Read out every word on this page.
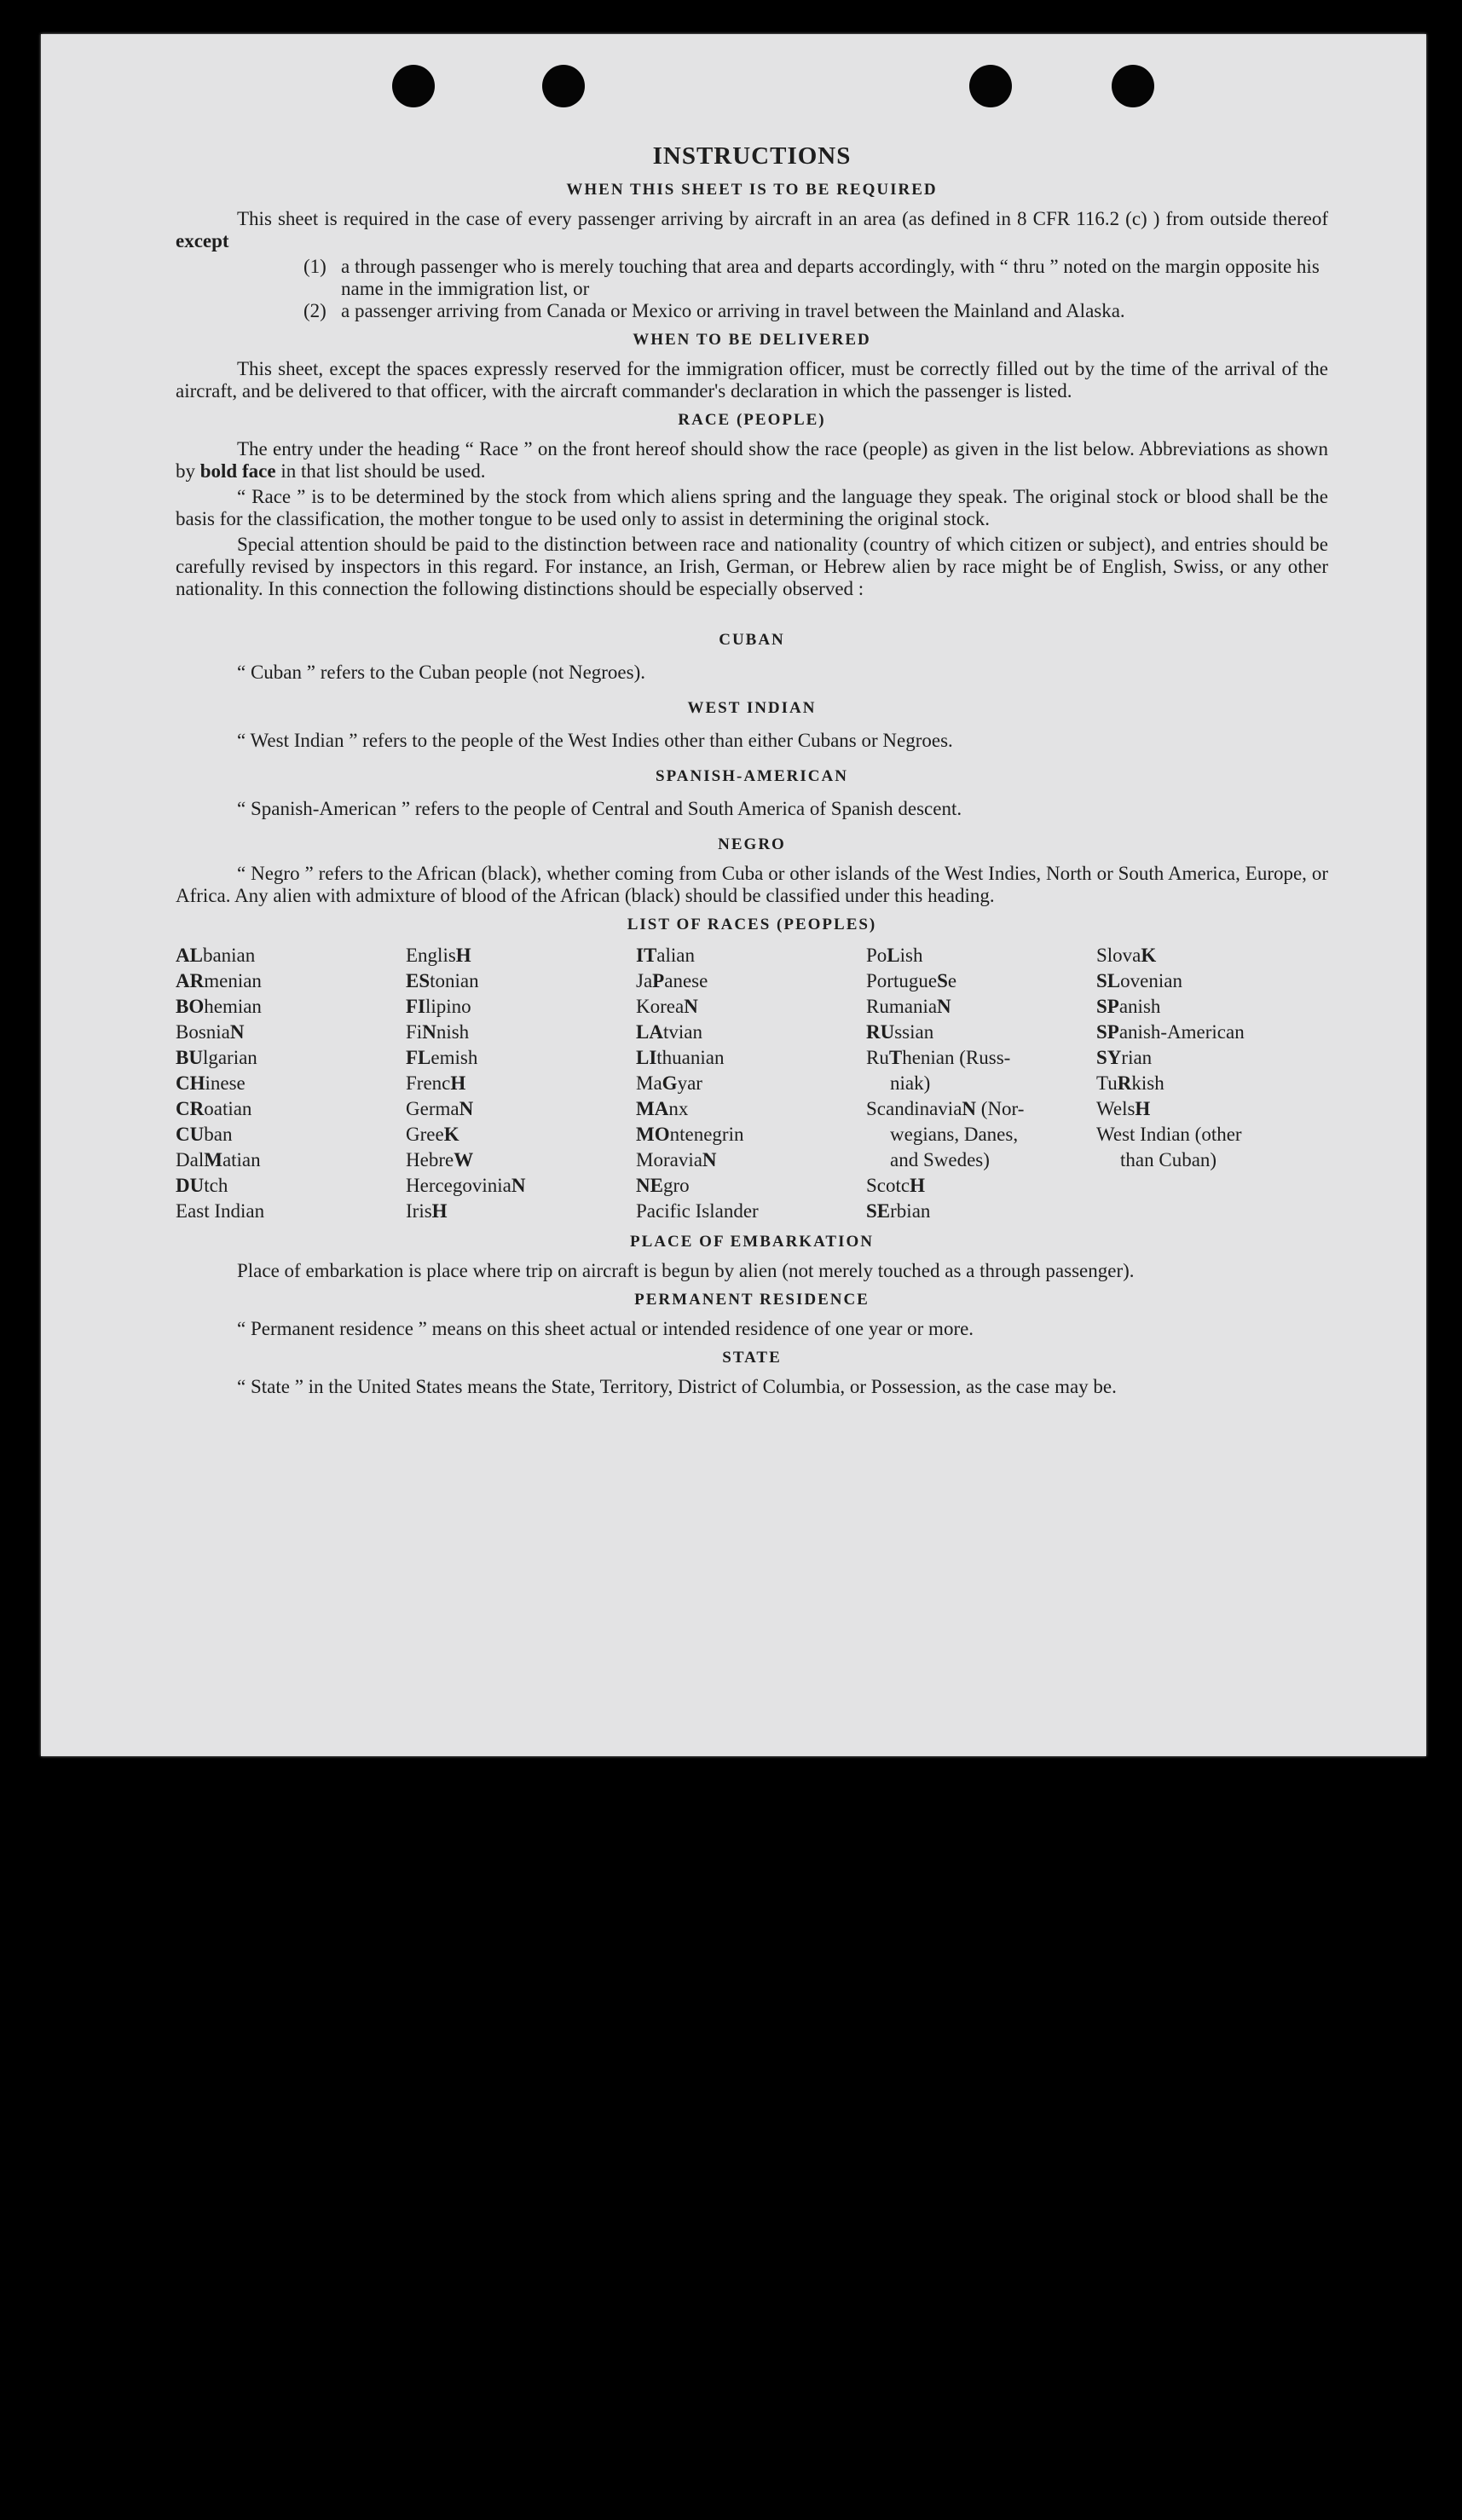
INSTRUCTIONS
WHEN THIS SHEET IS TO BE REQUIRED

This sheet is required in the case of every passenger arriving by aircraft in an area (as defined in 8 CFR 116.2 (c) ) from outside thereof except

(1) a through passenger who is merely touching that area and departs accordingly, with “ thru ” noted on the margin opposite his name in the immigration list, or
(2) a passenger arriving from Canada or Mexico or arriving in travel between the Mainland and Alaska.
WHEN TO BE DELIVERED

This sheet, except the spaces expressly reserved for the immigration officer, must be correctly filled out by the time of the arrival of the aircraft, and be delivered to that officer, with the aircraft commander's declaration in which the passenger is listed.

RACE (PEOPLE)

The entry under the heading “ Race ” on the front hereof should show the race (people) as given in the list below. Abbreviations as shown by bold face in that list should be used.

“ Race ” is to be determined by the stock from which aliens spring and the language they speak. The original stock or blood shall be the basis for the classification, the mother tongue to be used only to assist in determining the original stock.

Special attention should be paid to the distinction between race and nationality (country of which citizen or subject), and entries should be carefully revised by inspectors in this regard. For instance, an Irish, German, or Hebrew alien by race might be of English, Swiss, or any other nationality. In this connection the following distinctions should be especially observed :

CUBAN
“ Cuban ” refers to the Cuban people (not Negroes).
WEST INDIAN
“ West Indian ” refers to the people of the West Indies other than either Cubans or Negroes.
SPANISH-AMERICAN
“ Spanish-American ” refers to the people of Central and South America of Spanish descent.
NEGRO

“ Negro ” refers to the African (black), whether coming from Cuba or other islands of the West Indies, North or South America, Europe, or Africa. Any alien with admixture of blood of the African (black) should be classified under this heading.

LIST OF RACES (PEOPLES)
ALbanian
ARmenian
BOhemian
BosniaN
BUlgarian
CHinese
CRoatian
CUban
DalMatian
DUtch
East Indian
EnglisH
EStonian
FIlipino
FiNnish
FLemish
FrencH
GermaN
GreeK
HebreW
HercegoviniaN
IrisH
ITalian
JaPanese
KoreaN
LAtvian
LIthuanian
MaGyar
MAnx
MOntenegrin
MoraviaN
NEgro
Pacific Islander
PoLish
PortugueSe
RumaniaN
RUssian
RuThenian (Russ-
niak)
ScandinaviaN (Nor-
wegians, Danes,
and Swedes)
ScotcH
SErbian
SlovaK
SLovenian
SPanish
SPanish-American
SYrian
TuRkish
WelsH
West Indian (other
than Cuban)
PLACE OF EMBARKATION

Place of embarkation is place where trip on aircraft is begun by alien (not merely touched as a through passenger).

PERMANENT RESIDENCE

“ Permanent residence ” means on this sheet actual or intended residence of one year or more.

STATE

“ State ” in the United States means the State, Territory, District of Columbia, or Possession, as the case may be.
